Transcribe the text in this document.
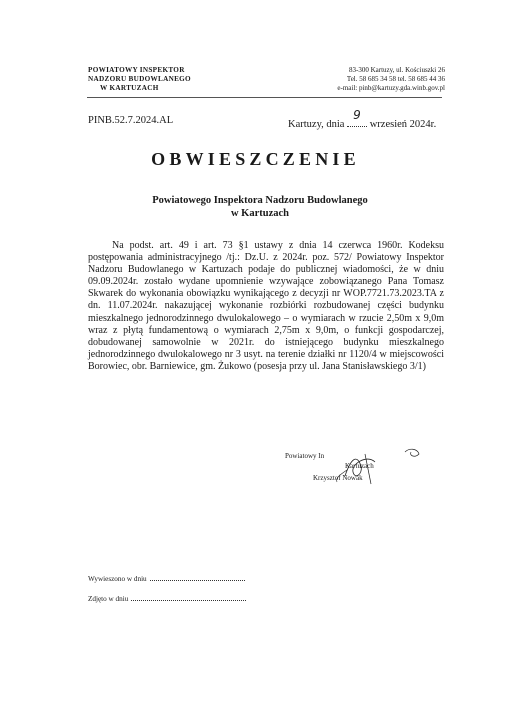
POWIATOWY INSPEKTOR
NADZORU BUDOWLANEGO
W KARTUZACH
83-300 Kartuzy, ul. Kościuszki 26
Tel. 58 685 34 58 tel. 58 685 44 36
e-mail: pinb@kartuzy.gda.winb.gov.pl
PINB.52.7.2024.AL	Kartuzy, dnia
9
wrzesień 2024r.
OBWIESZCZENIE
Powiatowego Inspektora Nadzoru Budowlanego
w Kartuzach
Na podst. art. 49 i art. 73 §1 ustawy z dnia 14 czerwca 1960r. Kodeksu postępowania administracyjnego /tj.: Dz.U. z 2024r. poz. 572/ Powiatowy Inspektor Nadzoru Budowlanego w Kartuzach podaje do publicznej wiadomości, że w dniu 09.09.2024r. zostało wydane upomnienie wzywające zobowiązanego Pana Tomasz Skwarek do wykonania obowiązku wynikającego z decyzji nr WOP.7721.73.2023.TA z dn. 11.07.2024r. nakazującej wykonanie rozbiórki rozbudowanej części budynku mieszkalnego jednorodzinnego dwulokalowego – o wymiarach w rzucie 2,50m x 9,0m wraz z płytą fundamentową o wymiarach 2,75m x 9,0m, o funkcji gospodarczej, dobudowanej samowolnie w 2021r. do istniejącego budynku mieszkalnego jednorodzinnego dwulokalowego nr 3 usyt. na terenie działki nr 1120/4 w miejscowości Borowiec, obr. Barniewice, gm. Żukowo (posesja przy ul. Jana Stanisławskiego 3/1)
Powiatowy In
Kartuzach
Krzysztof Nowak
Wywieszono w dniu
Zdjęto w dniu
